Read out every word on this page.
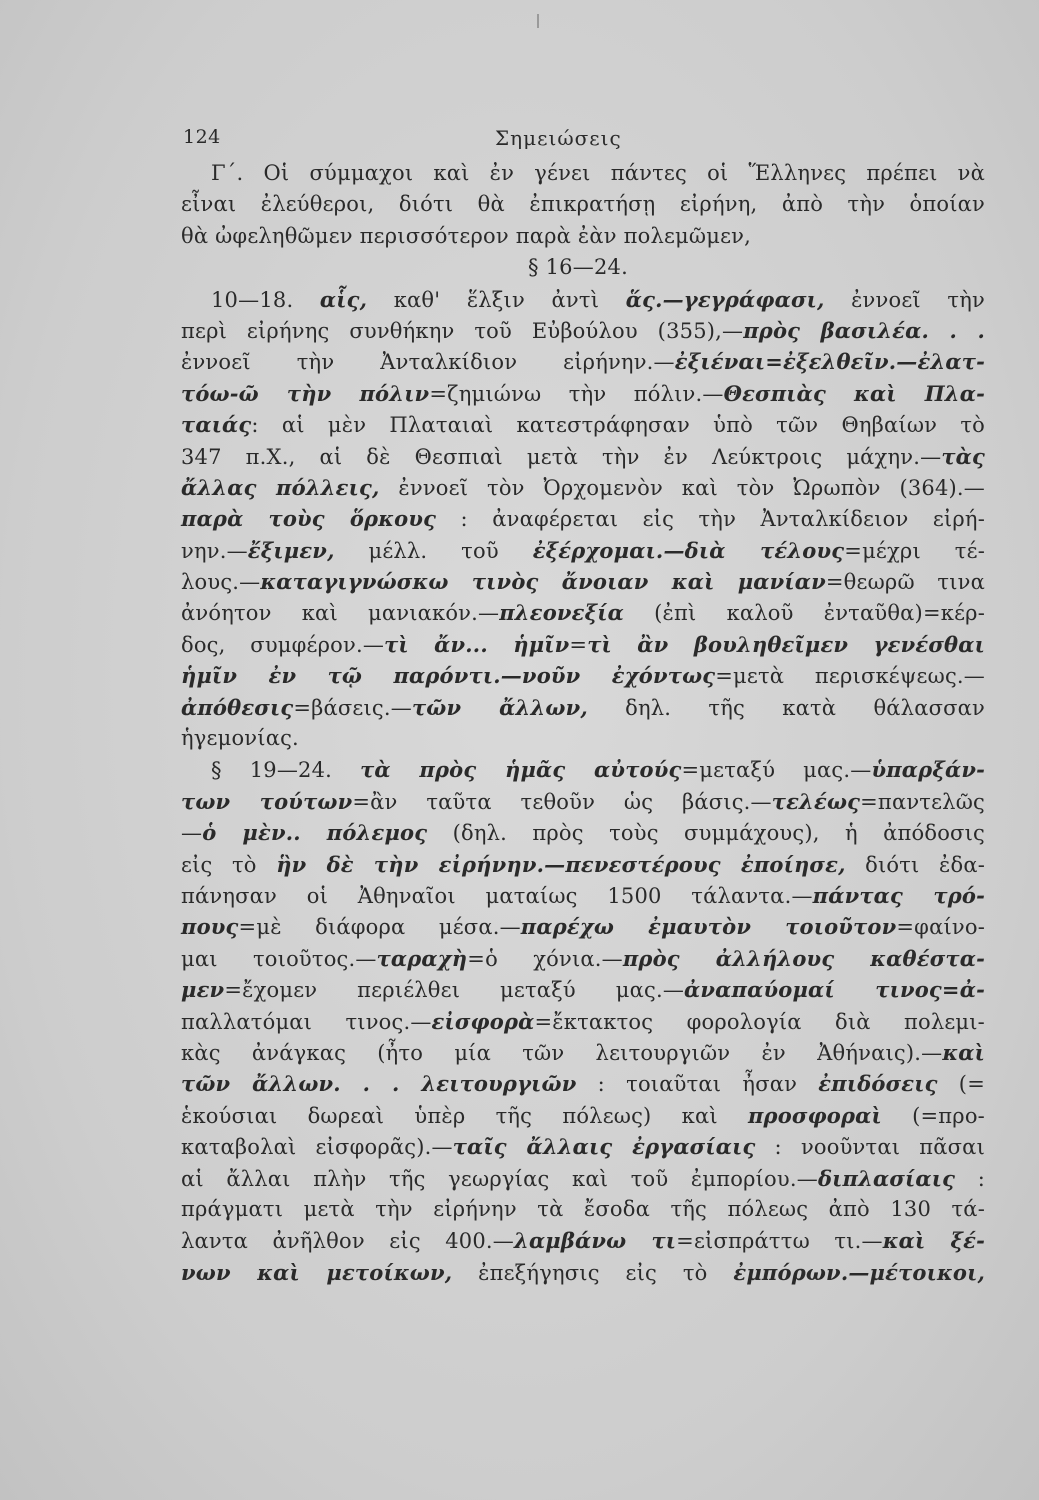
124	Σημειώσεις
Γ΄. Οἱ σύμμαχοι καὶ ἐν γένει πάντες οἱ Ἕλληνες πρέπει νὰ
εἶναι ἐλεύθεροι, διότι θὰ ἐπικρατήσῃ εἰρήνη, ἀπὸ τὴν ὁποίαν
θὰ ὠφεληθῶμεν περισσότερον παρὰ ἐὰν πολεμῶμεν,
§ 16—24.
10—18. αἷς, καθ' ἕλξιν ἀντὶ ἅς.—γεγράφασι, ἐννοεῖ τὴν
περὶ εἰρήνης συνθήκην τοῦ Εὐβούλου (355),—πρὸς βασιλέα. . .
ἐννοεῖ τὴν Ἀνταλκίδιον εἰρήνην.—ἐξιέναι=ἐξελθεῖν.—ἐλατ-
τόω-ῶ τὴν πόλιν=ζημιώνω τὴν πόλιν.—Θεσπιὰς καὶ Πλα-
ταιάς: αἱ μὲν Πλαταιαὶ κατεστράφησαν ὑπὸ τῶν Θηβαίων τὸ
347 π.Χ., αἱ δὲ Θεσπιαὶ μετὰ τὴν ἐν Λεύκτροις μάχην.—τὰς
ἄλλας πόλλεις, ἐννοεῖ τὸν Ὀρχομενὸν καὶ τὸν Ὠρωπὸν (364).—
παρὰ τοὺς ὅρκους : ἀναφέρεται εἰς τὴν Ἀνταλκίδειον εἰρή-
νην.—ἔξιμεν, μέλλ. τοῦ ἐξέρχομαι.—διὰ τέλους=μέχρι τέ-
λους.—καταγιγνώσκω τινὸς ἄνοιαν καὶ μανίαν=θεωρῶ τινα
ἀνόητον καὶ μανιακόν.—πλεονεξία (ἐπὶ καλοῦ ἐνταῦθα)=κέρ-
δος, συμφέρον.—τὶ ἄν... ἡμῖν=τὶ ἂν βουληθεῖμεν γενέσθαι
ἡμῖν ἐν τῷ παρόντι.—νοῦν ἐχόντως=μετὰ περισκέψεως.—
ἀπόθεσις=βάσεις.—τῶν ἄλλων, δηλ. τῆς κατὰ θάλασσαν
ἡγεμονίας.
§ 19—24. τὰ πρὸς ἡμᾶς αὐτούς=μεταξύ μας.—ὑπαρξάν-
των τούτων=ἂν ταῦτα τεθοῦν ὡς βάσις.—τελέως=παντελῶς
—ὁ μὲν.. πόλεμος (δηλ. πρὸς τοὺς συμμάχους), ἡ ἀπόδοσις
εἰς τὸ ἣν δὲ τὴν εἰρήνην.—πενεστέρους ἐποίησε, διότι ἐδα-
πάνησαν οἱ Ἀθηναῖοι ματαίως 1500 τάλαντα.—πάντας τρό-
πους=μὲ διάφορα μέσα.—παρέχω ἐμαυτὸν τοιοῦτον=φαίνο-
μαι τοιοῦτος.—ταραχὴ=ὁ χόνια.—πρὸς ἀλλήλους καθέστα-
μεν=ἔχομεν περιέλθει μεταξύ μας.—ἀναπαύομαί τινος=ἀ-
παλλατόμαι τινος.—εἰσφορὰ=ἔκτακτος φορολογία διὰ πολεμι-
κὰς ἀνάγκας (ἦτο μία τῶν λειτουργιῶν ἐν Ἀθήναις).—καὶ
τῶν ἄλλων. . . λειτουργιῶν : τοιαῦται ἦσαν ἐπιδόσεις (=
ἑκούσιαι δωρεαὶ ὑπὲρ τῆς πόλεως) καὶ προσφοραὶ (=προ-
καταβολαὶ εἰσφορᾶς).—ταῖς ἄλλαις ἐργασίαις : νοοῦνται πᾶσαι
αἱ ἄλλαι πλὴν τῆς γεωργίας καὶ τοῦ ἐμπορίου.—διπλασίαις :
πράγματι μετὰ τὴν εἰρήνην τὰ ἔσοδα τῆς πόλεως ἀπὸ 130 τά-
λαντα ἀνῆλθον εἰς 400.—λαμβάνω τι=εἰσπράττω τι.—καὶ ξέ-
νων καὶ μετοίκων, ἐπεξήγησις εἰς τὸ ἐμπόρων.—μέτοικοι,
